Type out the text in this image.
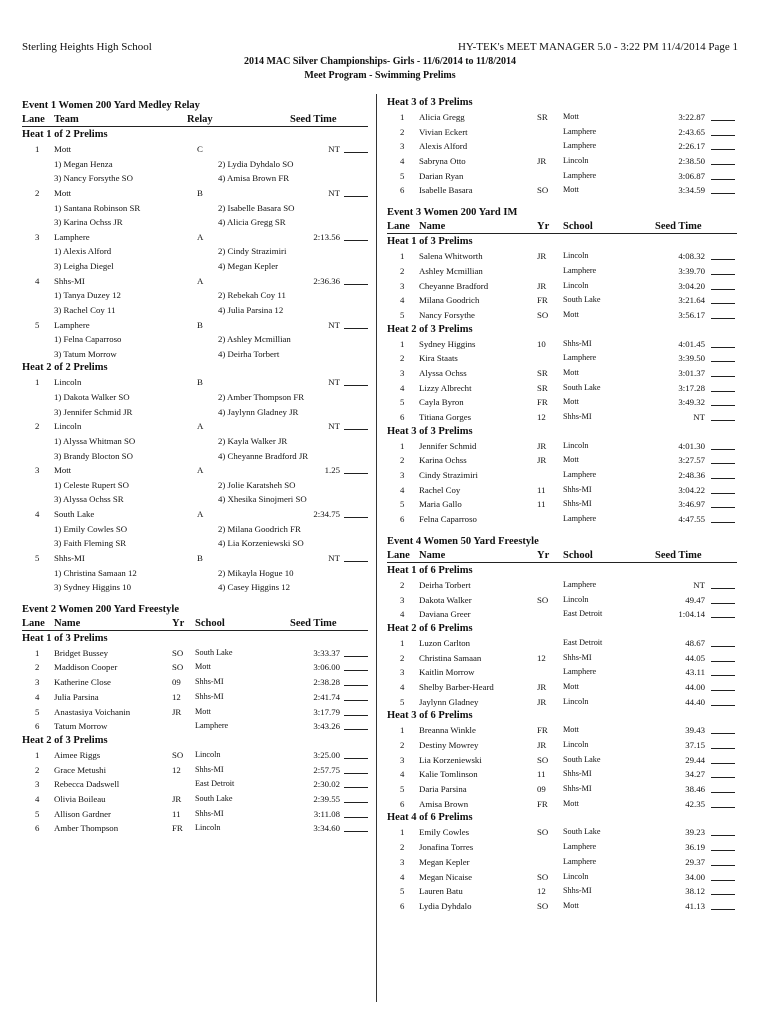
Sterling Heights High School	HY-TEK's MEET MANAGER 5.0 - 3:22 PM 11/4/2014 Page 1
2014 MAC Silver Championships- Girls - 11/6/2014 to 11/8/2014
Meet Program - Swimming Prelims
Event 1 Women 200 Yard Medley Relay
Lane Team	Relay	Seed Time
Heat 1 of 2 Prelims
1 Mott	C	NT
1) Megan Henza	2) Lydia Dyhdalo SO
3) Nancy Forsythe SO	4) Amisa Brown FR
2 Mott	B	NT
1) Santana Robinson SR	2) Isabelle Basara SO
3) Karina Ochss JR	4) Alicia Gregg SR
3 Lamphere	A	2:13.56
1) Alexis Alford	2) Cindy Strazimiri
3) Leigha Diegel	4) Megan Kepler
4 Shhs-MI	A	2:36.36
1) Tanya Duzey 12	2) Rebekah Coy 11
3) Rachel Coy 11	4) Julia Parsina 12
5 Lamphere	B	NT
1) Felna Caparroso	2) Ashley Mcmillian
3) Tatum Morrow	4) Deirha Torbert
Heat 2 of 2 Prelims
1 Lincoln	B	NT
1) Dakota Walker SO	2) Amber Thompson FR
3) Jennifer Schmid JR	4) Jaylynn Gladney JR
2 Lincoln	A	NT
1) Alyssa Whitman SO	2) Kayla Walker JR
3) Brandy Blocton SO	4) Cheyanne Bradford JR
3 Mott	A	1.25
1) Celeste Rupert SO	2) Jolie Karatsheh SO
3) Alyssa Ochss SR	4) Xhesika Sinojmeri SO
4 South Lake	A	2:34.75
1) Emily Cowles SO	2) Milana Goodrich FR
3) Faith Fleming SR	4) Lia Korzeniewski SO
5 Shhs-MI	B	NT
1) Christina Samaan 12	2) Mikayla Hogue 10
3) Sydney Higgins 10	4) Casey Higgins 12
Event 2 Women 200 Yard Freestyle
Lane Name	Yr School	Seed Time
Heat 1 of 3 Prelims
1 Bridget Bussey	SO South Lake	3:33.37
2 Maddison Cooper	SO Mott	3:06.00
3 Katherine Close	09 Shhs-MI	2:38.28
4 Julia Parsina	12 Shhs-MI	2:41.74
5 Anastasiya Voichanin	JR Mott	3:17.79
6 Tatum Morrow	Lamphere	3:43.26
Heat 2 of 3 Prelims
1 Aimee Riggs	SO Lincoln	3:25.00
2 Grace Metushi	12 Shhs-MI	2:57.75
3 Rebecca Dadswell	East Detroit	2:30.02
4 Olivia Boileau	JR South Lake	2:39.55
5 Allison Gardner	11 Shhs-MI	3:11.08
6 Amber Thompson	FR Lincoln	3:34.60
Heat 3 of 3 Prelims
1 Alicia Gregg	SR Mott	3:22.87
2 Vivian Eckert	Lamphere	2:43.65
3 Alexis Alford	Lamphere	2:26.17
4 Sabryna Otto	JR Lincoln	2:38.50
5 Darian Ryan	Lamphere	3:06.87
6 Isabelle Basara	SO Mott	3:34.59
Event 3 Women 200 Yard IM
Lane Name	Yr School	Seed Time
Heat 1 of 3 Prelims
1 Salena Whitworth	JR Lincoln	4:08.32
2 Ashley Mcmillian	Lamphere	3:39.70
3 Cheyanne Bradford	JR Lincoln	3:04.20
4 Milana Goodrich	FR South Lake	3:21.64
5 Nancy Forsythe	SO Mott	3:56.17
Heat 2 of 3 Prelims
1 Sydney Higgins	10 Shhs-MI	4:01.45
2 Kira Staats	Lamphere	3:39.50
3 Alyssa Ochss	SR Mott	3:01.37
4 Lizzy Albrecht	SR South Lake	3:17.28
5 Cayla Byron	FR Mott	3:49.32
6 Titiana Gorges	12 Shhs-MI	NT
Heat 3 of 3 Prelims
1 Jennifer Schmid	JR Lincoln	4:01.30
2 Karina Ochss	JR Mott	3:27.57
3 Cindy Strazimiri	Lamphere	2:48.36
4 Rachel Coy	11 Shhs-MI	3:04.22
5 Maria Gallo	11 Shhs-MI	3:46.97
6 Felna Caparroso	Lamphere	4:47.55
Event 4 Women 50 Yard Freestyle
Lane Name	Yr School	Seed Time
Heat 1 of 6 Prelims
2 Deirha Torbert	Lamphere	NT
3 Dakota Walker	SO Lincoln	49.47
4 Daviana Greer	East Detroit	1:04.14
Heat 2 of 6 Prelims
1 Luzon Carlton	East Detroit	48.67
2 Christina Samaan	12 Shhs-MI	44.05
3 Kaitlin Morrow	Lamphere	43.11
4 Shelby Barber-Heard	JR Mott	44.00
5 Jaylynn Gladney	JR Lincoln	44.40
Heat 3 of 6 Prelims
1 Breanna Winkle	FR Mott	39.43
2 Destiny Mowrey	JR Lincoln	37.15
3 Lia Korzeniewski	SO South Lake	29.44
4 Kalie Tomlinson	11 Shhs-MI	34.27
5 Daria Parsina	09 Shhs-MI	38.46
6 Amisa Brown	FR Mott	42.35
Heat 4 of 6 Prelims
1 Emily Cowles	SO South Lake	39.23
2 Jonafina Torres	Lamphere	36.19
3 Megan Kepler	Lamphere	29.37
4 Megan Nicaise	SO Lincoln	34.00
5 Lauren Batu	12 Shhs-MI	38.12
6 Lydia Dyhdalo	SO Mott	41.13
